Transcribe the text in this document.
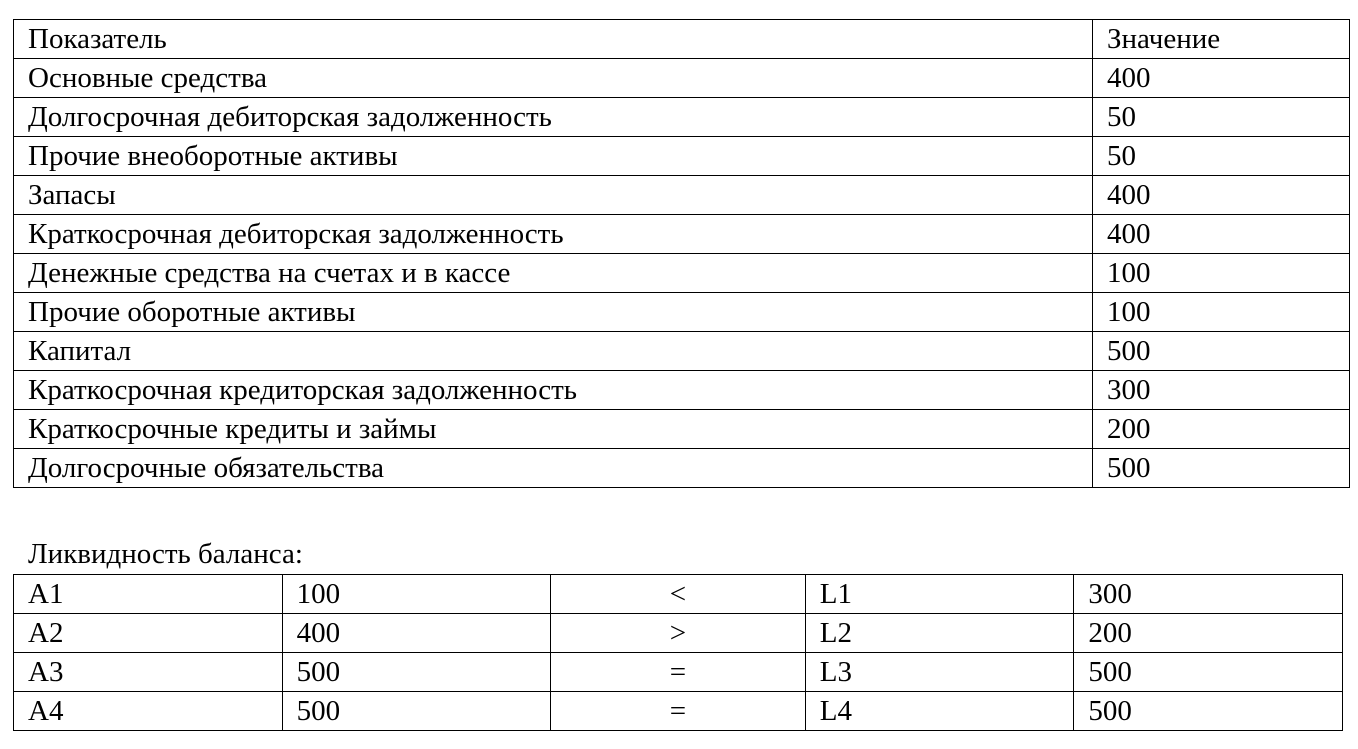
Показатель	Значение
Основные средства	400
Долгосрочная дебиторская задолженность	50
Прочие внеоборотные активы	50
Запасы	400
Краткосрочная дебиторская задолженность	400
Денежные средства на счетах и в кассе	100
Прочие оборотные активы	100
Капитал	500
Краткосрочная кредиторская задолженность	300
Краткосрочные кредиты и займы	200
Долгосрочные обязательства	500
Ликвидность баланса:
А1	100	<	L1	300
А2	400	>	L2	200
А3	500	=	L3	500
А4	500	=	L4	500
